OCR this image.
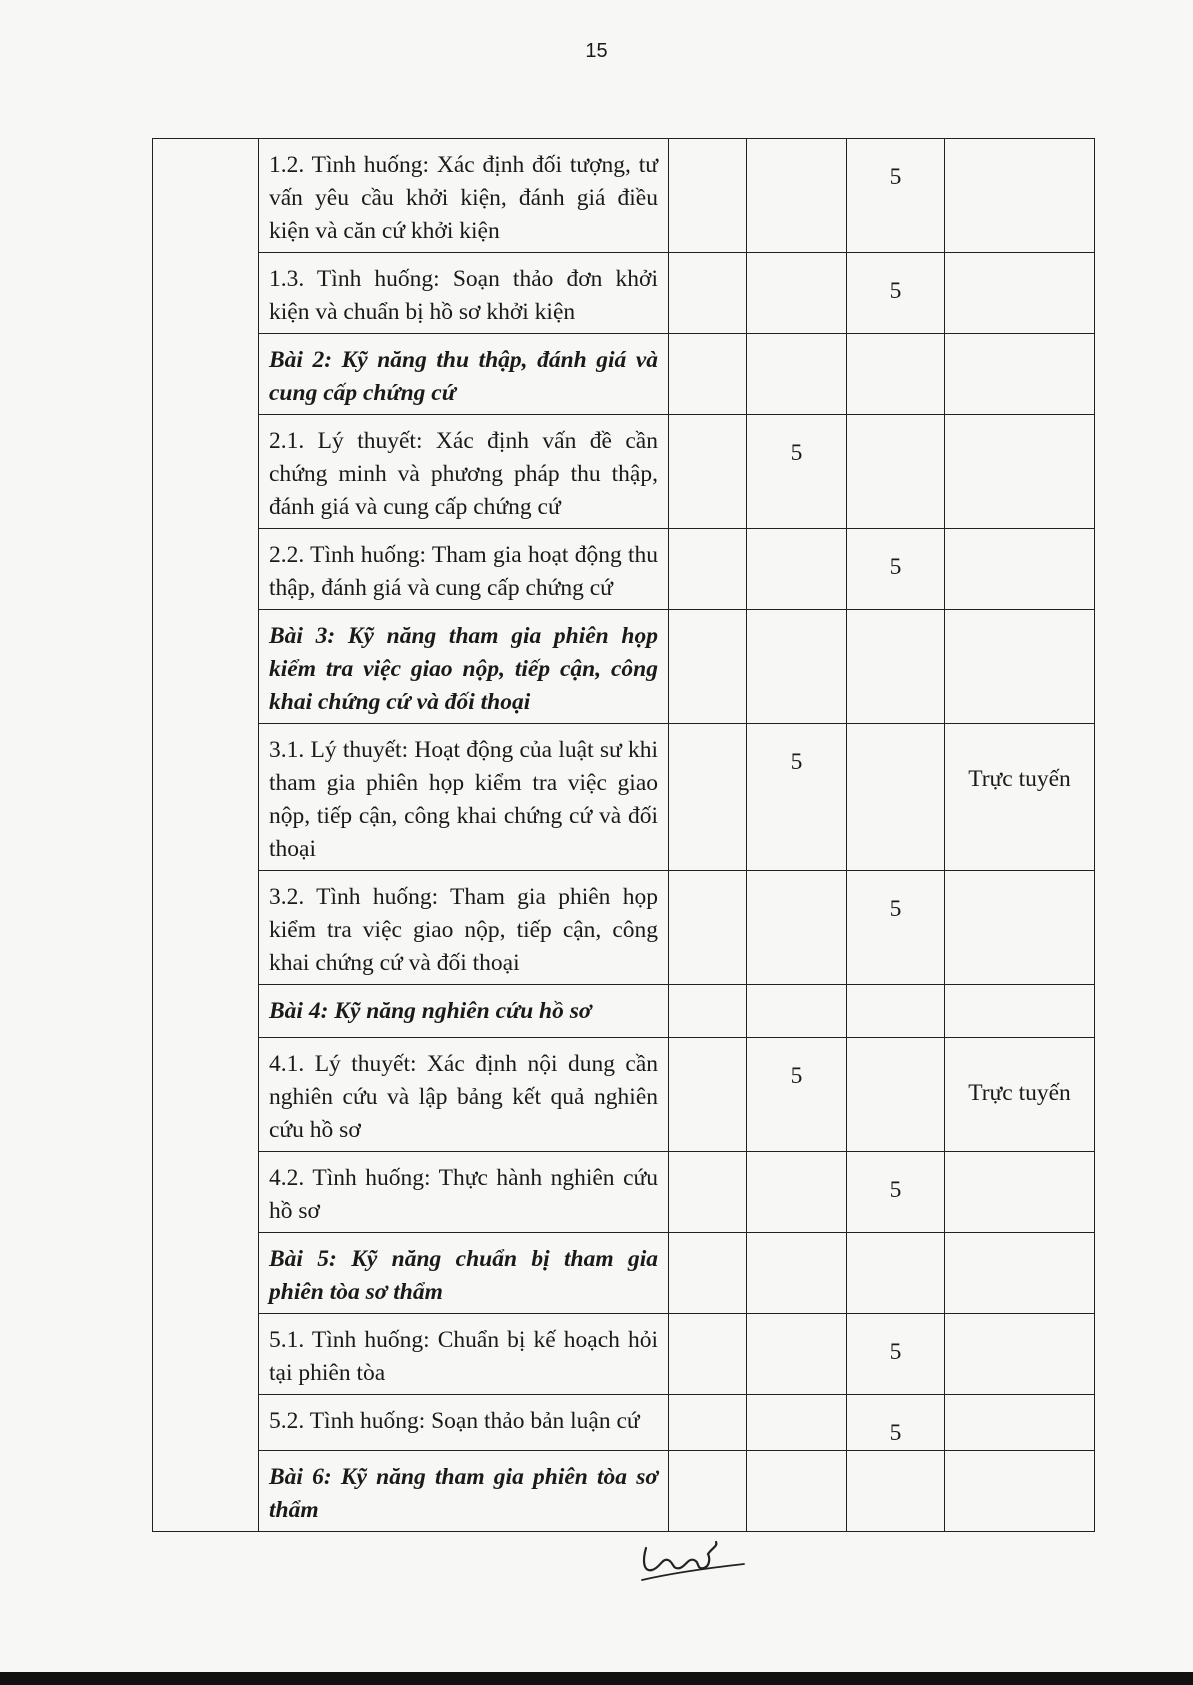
15
	1.2. Tình huống: Xác định đối tượng, tư vấn yêu cầu khởi kiện, đánh giá điều kiện và căn cứ khởi kiện			5	
	1.3. Tình huống: Soạn thảo đơn khởi kiện và chuẩn bị hồ sơ khởi kiện			5	
	Bài 2: Kỹ năng thu thập, đánh giá và cung cấp chứng cứ				
	2.1. Lý thuyết: Xác định vấn đề cần chứng minh và phương pháp thu thập, đánh giá và cung cấp chứng cứ		5		
	2.2. Tình huống: Tham gia hoạt động thu thập, đánh giá và cung cấp chứng cứ			5	
	Bài 3: Kỹ năng tham gia phiên họp kiểm tra việc giao nộp, tiếp cận, công khai chứng cứ và đối thoại				
	3.1. Lý thuyết: Hoạt động của luật sư khi tham gia phiên họp kiểm tra việc giao nộp, tiếp cận, công khai chứng cứ và đối thoại		5		Trực tuyến
	3.2. Tình huống: Tham gia phiên họp kiểm tra việc giao nộp, tiếp cận, công khai chứng cứ và đối thoại			5	
	Bài 4: Kỹ năng nghiên cứu hồ sơ				
	4.1. Lý thuyết: Xác định nội dung cần nghiên cứu và lập bảng kết quả nghiên cứu hồ sơ		5		Trực tuyến
	4.2. Tình huống: Thực hành nghiên cứu hồ sơ			5	
	Bài 5: Kỹ năng chuẩn bị tham gia phiên tòa sơ thẩm				
	5.1. Tình huống: Chuẩn bị kế hoạch hỏi tại phiên tòa			5	
	5.2. Tình huống: Soạn thảo bản luận cứ			5	
	Bài 6: Kỹ năng tham gia phiên tòa sơ thẩm				
